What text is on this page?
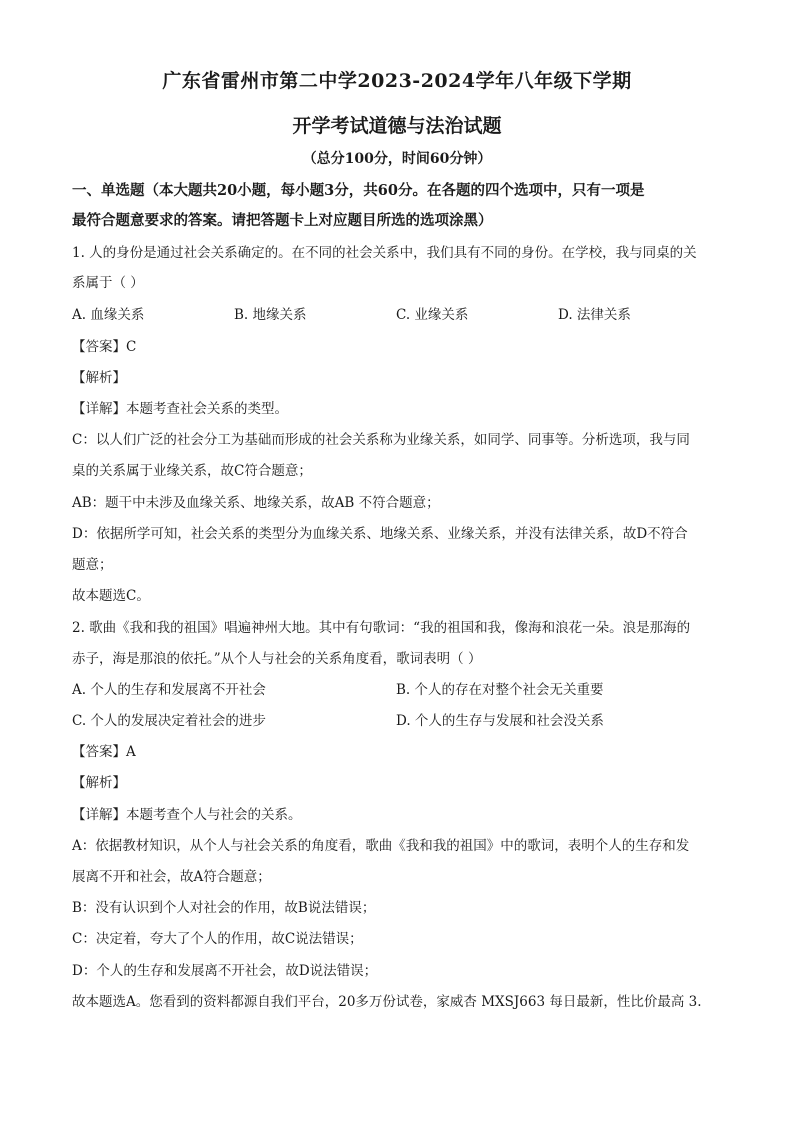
广东省雷州市第二中学2023-2024学年八年级下学期
开学考试道德与法治试题
（总分100分，时间60分钟）
一、单选题（本大题共20小题，每小题3分，共60分。在各题的四个选项中，只有一项是
最符合题意要求的答案。请把答题卡上对应题目所选的选项涂黑）
1. 人的身份是通过社会关系确定的。在不同的社会关系中，我们具有不同的身份。在学校，我与同桌的关
系属于（ ）
A. 血缘关系	B. 地缘关系	C. 业缘关系	D. 法律关系
【答案】C
【解析】
【详解】本题考查社会关系的类型。
C：以人们广泛的社会分工为基础而形成的社会关系称为业缘关系，如同学、同事等。分析选项，我与同
桌的关系属于业缘关系，故C符合题意；
AB：题干中未涉及血缘关系、地缘关系，故AB 不符合题意；
D：依据所学可知，社会关系的类型分为血缘关系、地缘关系、业缘关系，并没有法律关系，故D不符合
题意；
故本题选C。
2. 歌曲《我和我的祖国》唱遍神州大地。其中有句歌词：“我的祖国和我，像海和浪花一朵。浪是那海的
赤子，海是那浪的依托。”从个人与社会的关系角度看，歌词表明（ ）
A. 个人的生存和发展离不开社会	B. 个人的存在对整个社会无关重要
C. 个人的发展决定着社会的进步	D. 个人的生存与发展和社会没关系
【答案】A
【解析】
【详解】本题考查个人与社会的关系。
A：依据教材知识，从个人与社会关系的角度看，歌曲《我和我的祖国》中的歌词，表明个人的生存和发
展离不开和社会，故A符合题意；
B：没有认识到个人对社会的作用，故B说法错误；
C：决定着，夸大了个人的作用，故C说法错误；
D：个人的生存和发展离不开社会，故D说法错误；
故本题选A。您看到的资料都源自我们平台，20多万份试卷，家威杏 MXSJ663 每日最新，性比价最高 3.
